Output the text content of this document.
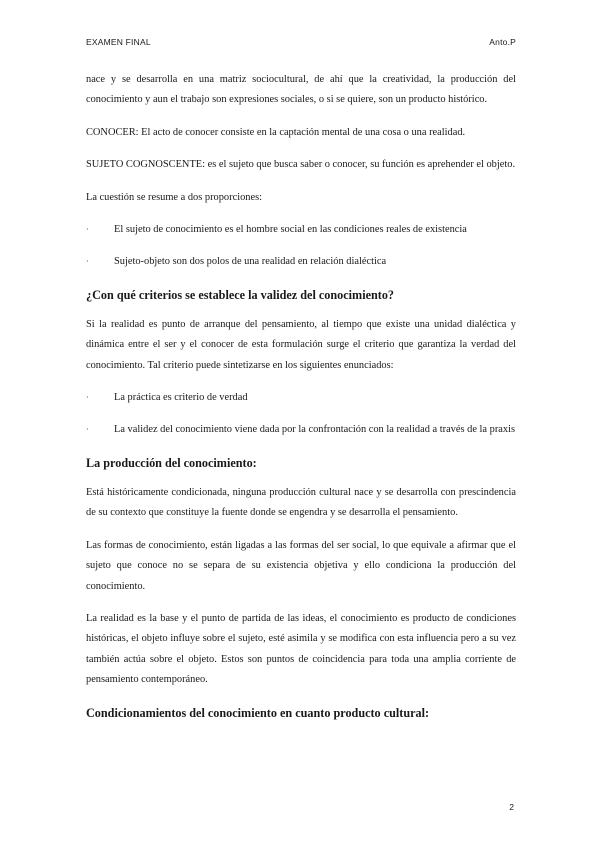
EXAMEN FINAL	Anto.P

nace y se desarrolla en una matriz sociocultural, de ahí que la creatividad, la producción del conocimiento y aun el trabajo son expresiones sociales, o si se quiere, son un producto histórico.

CONOCER: El acto de conocer consiste en la captación mental de una cosa o una realidad.

SUJETO COGNOSCENTE: es el sujeto que busca saber o conocer, su función es aprehender el objeto.

La cuestión se resume a dos proporciones:

· El sujeto de conocimiento es el hombre social en las condiciones reales de existencia
· Sujeto-objeto son dos polos de una realidad en relación dialéctica
¿Con qué criterios se establece la validez del conocimiento?

Si la realidad es punto de arranque del pensamiento, al tiempo que existe una unidad dialéctica y dinámica entre el ser y el conocer de esta formulación surge el criterio que garantiza la verdad del conocimiento. Tal criterio puede sintetizarse en los siguientes enunciados:

· La práctica es criterio de verdad
· La validez del conocimiento viene dada por la confrontación con la realidad a través de la praxis
La producción del conocimiento:

Está históricamente condicionada, ninguna producción cultural nace y se desarrolla con prescindencia de su contexto que constituye la fuente donde se engendra y se desarrolla el pensamiento.

Las formas de conocimiento, están ligadas a las formas del ser social, lo que equivale a afirmar que el sujeto que conoce no se separa de su existencia objetiva y ello condiciona la producción del conocimiento.

La realidad es la base y el punto de partida de las ideas, el conocimiento es producto de condiciones históricas, el objeto influye sobre el sujeto, esté asimila y se modifica con esta influencia pero a su vez también actúa sobre el objeto. Estos son puntos de coincidencia para toda una amplia corriente de pensamiento contemporáneo.

Condicionamientos del conocimiento en cuanto producto cultural:
2
